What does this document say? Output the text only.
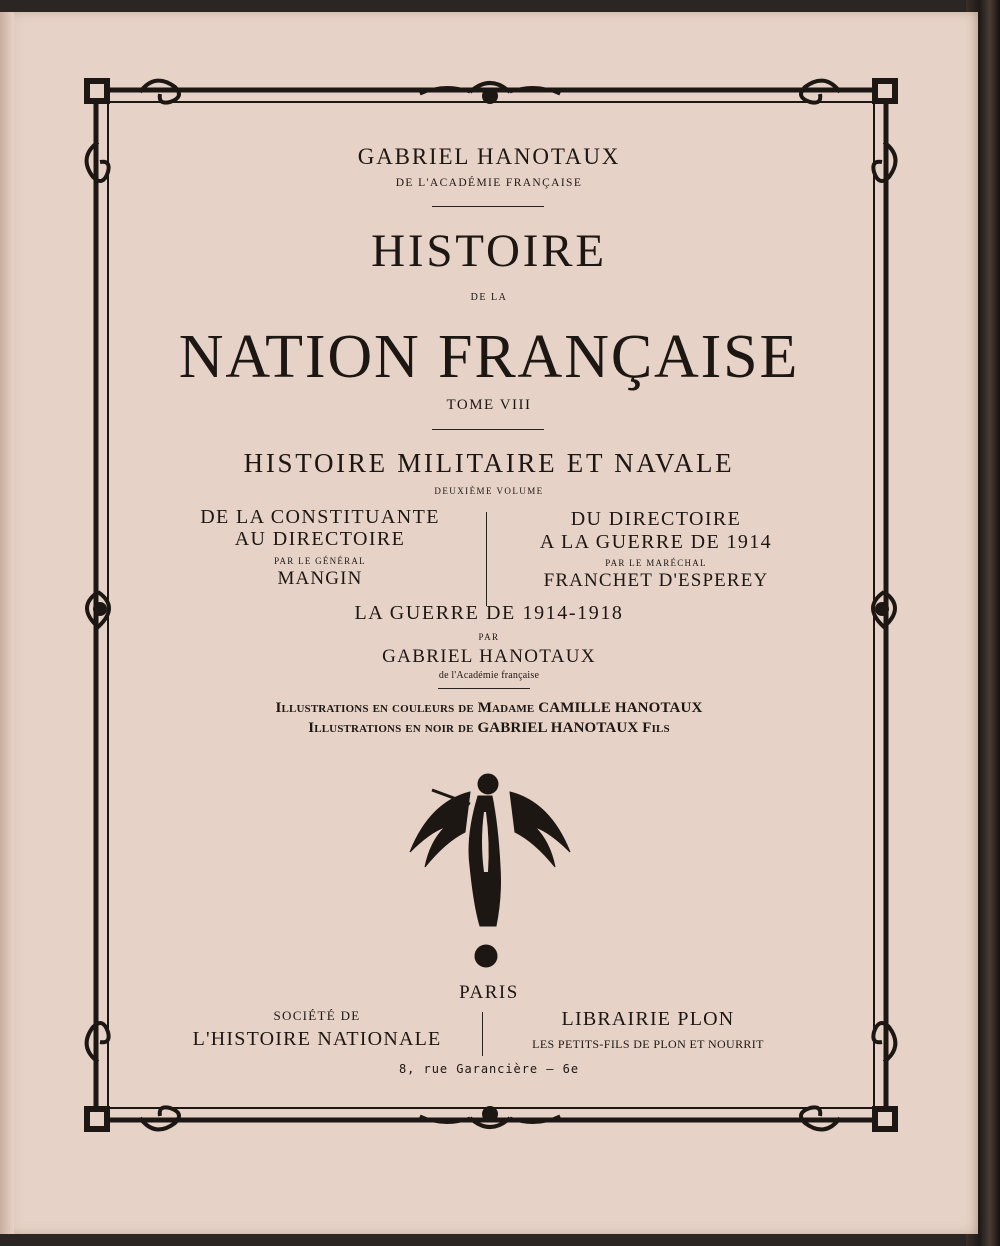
GABRIEL HANOTAUX
DE L'ACADÉMIE FRANÇAISE
HISTOIRE
DE LA
NATION FRANÇAISE
TOME VIII
HISTOIRE MILITAIRE ET NAVALE
DEUXIÈME VOLUME
DE LA CONSTITUANTE
AU DIRECTOIRE
PAR LE GÉNÉRAL
MANGIN
DU DIRECTOIRE
A LA GUERRE DE 1914
PAR LE MARÉCHAL
FRANCHET D'ESPEREY
LA GUERRE DE 1914-1918
PAR
GABRIEL HANOTAUX
de l'Académie française
Illustrations en couleurs de Madame CAMILLE HANOTAUX
Illustrations en noir de GABRIEL HANOTAUX Fils
PARIS
SOCIÉTÉ DE
L'HISTOIRE NATIONALE
LIBRAIRIE PLON
LES PETITS-FILS DE PLON ET NOURRIT
8, rue Garancière — 6e
